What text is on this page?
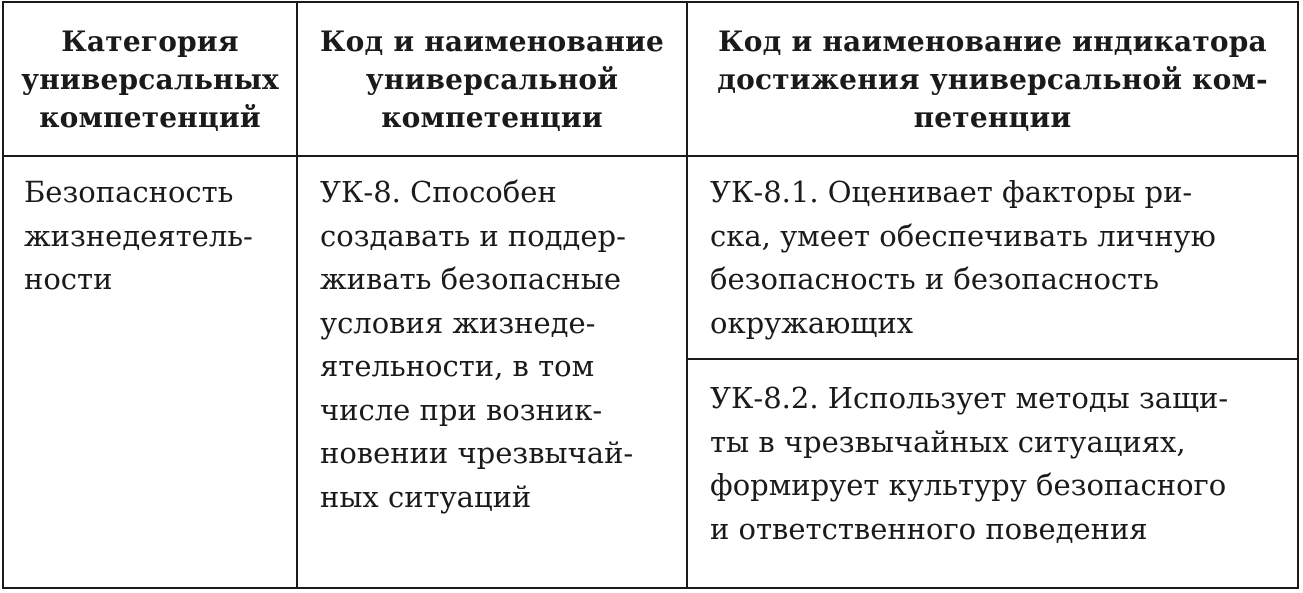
Категория
универсальных
компетенций
Код и наименование
универсальной
компетенции
Код и наименование индикатора
достижения универсальной ком-
петенции
Безопасность
жизнедеятель-
ности
УК-8. Способен
создавать и поддер-
живать безопасные
условия жизнеде-
ятельности, в том
числе при возник-
новении чрезвычай-
ных ситуаций
УК-8.1. Оценивает факторы ри-
ска, умеет обеспечивать личную
безопасность и безопасность
окружающих
УК-8.2. Использует методы защи-
ты в чрезвычайных ситуациях,
формирует культуру безопасного
и ответственного поведения
